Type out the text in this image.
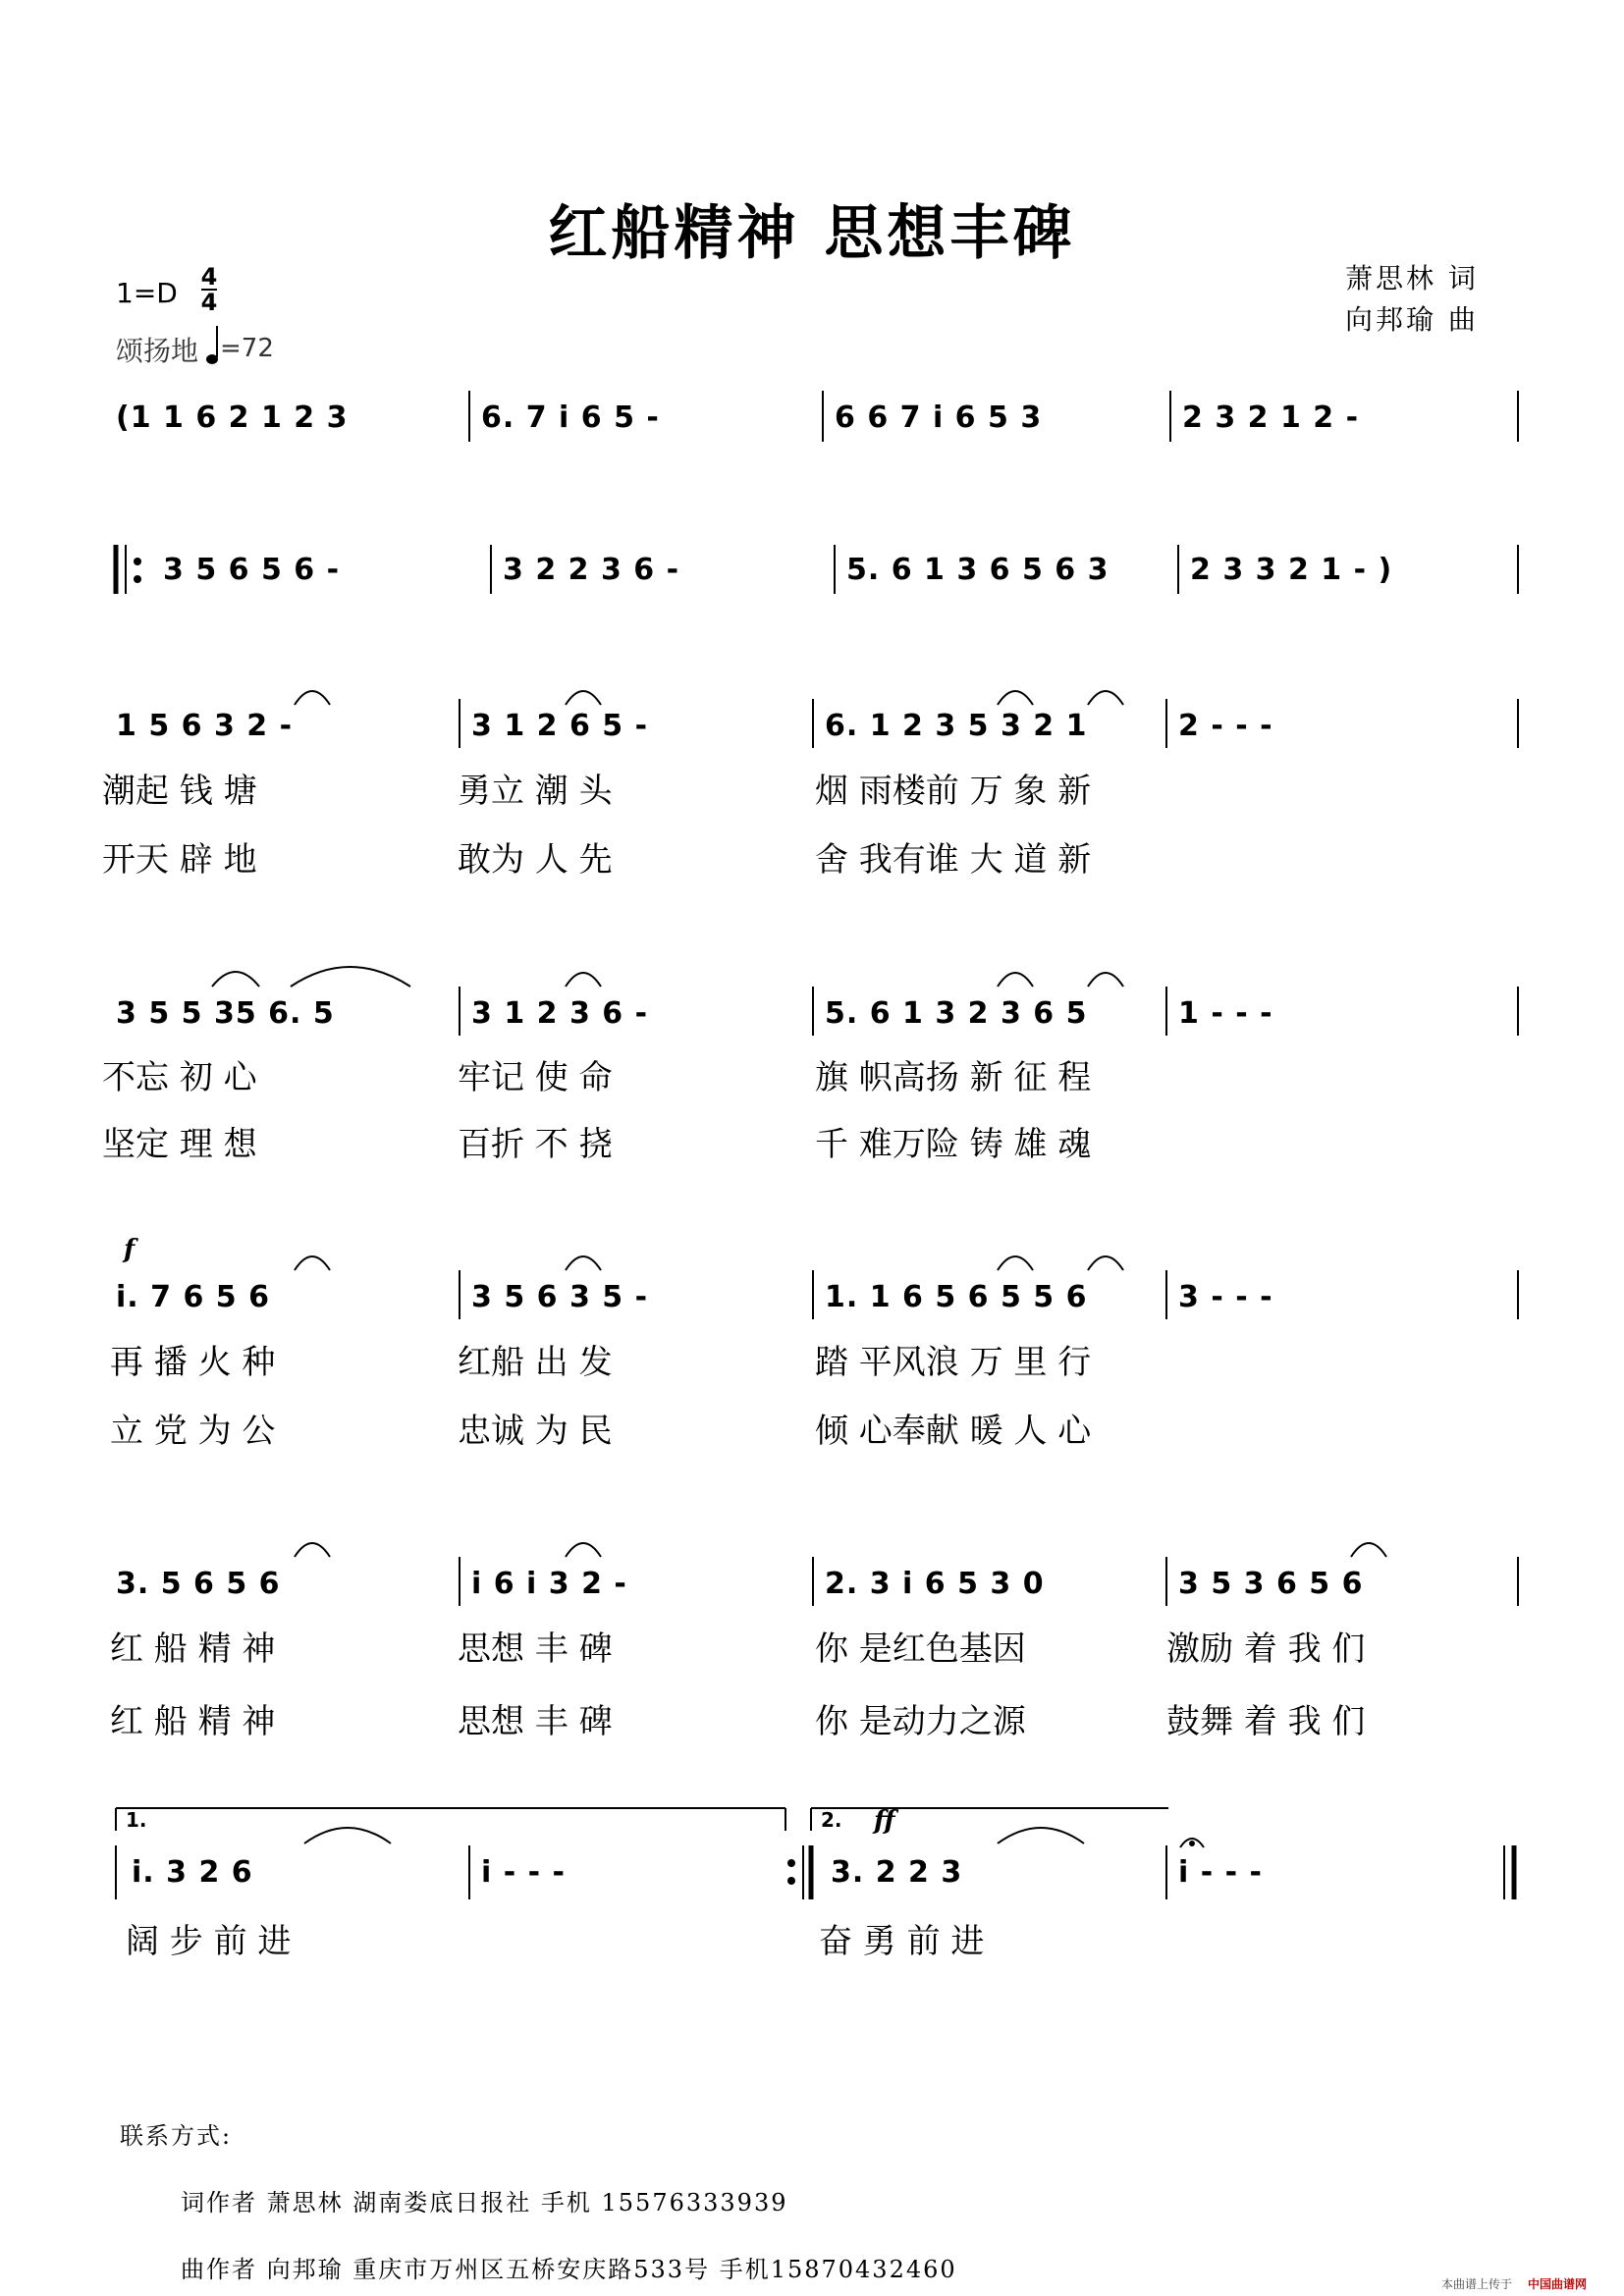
红船精神 思想丰碑
萧思林 词
向邦瑜 曲
1=D 4
4
颂扬地 =72
(1 1 6 2 1 2 3	6. 7 i 6 5 -	6 6 7 i 6 5 3	2 3 2 1 2 -
3 5 6 5 6 -	3 2 2 3 6 -	5. 6 1 3 6 5 6 3	2 3 3 2 1 - )
1 5 6 3 2 -	3 1 2 6 5 -	6. 1 2 3 5 3 2 1	2 - - -
潮起 钱 塘	勇立 潮 头	烟 雨楼前 万 象 新
开天 辟 地	敢为 人 先	舍 我有谁 大 道 新
3 5 5 35 6. 5	3 1 2 3 6 -	5. 6 1 3 2 3 6 5	1 - - -
不忘 初 心	牢记 使 命	旗 帜高扬 新 征 程
坚定 理 想	百折 不 挠	千 难万险 铸 雄 魂
f
i. 7 6 5 6	3 5 6 3 5 -	1. 1 6 5 6 5 5 6	3 - - -
再 播 火 种	红船 出 发	踏 平风浪 万 里 行
立 党 为 公	忠诚 为 民	倾 心奉献 暖 人 心
3. 5 6 5 6	i 6 i 3 2 -	2. 3 i 6 5 3 0	3 5 3 6 5 6
红 船 精 神	思想 丰 碑	你 是红色基因	激励 着 我 们
红 船 精 神	思想 丰 碑	你 是动力之源	鼓舞 着 我 们
1.	2. ff
i. 3 2 6	i - - -	3. 2 2 3	i - - -
阔 步 前 进	奋 勇 前 进
联系方式:
词作者 萧思林 湖南娄底日报社 手机 15576333939
曲作者 向邦瑜 重庆市万州区五桥安庆路533号 手机15870432460
本曲谱上传于 中国曲谱网
